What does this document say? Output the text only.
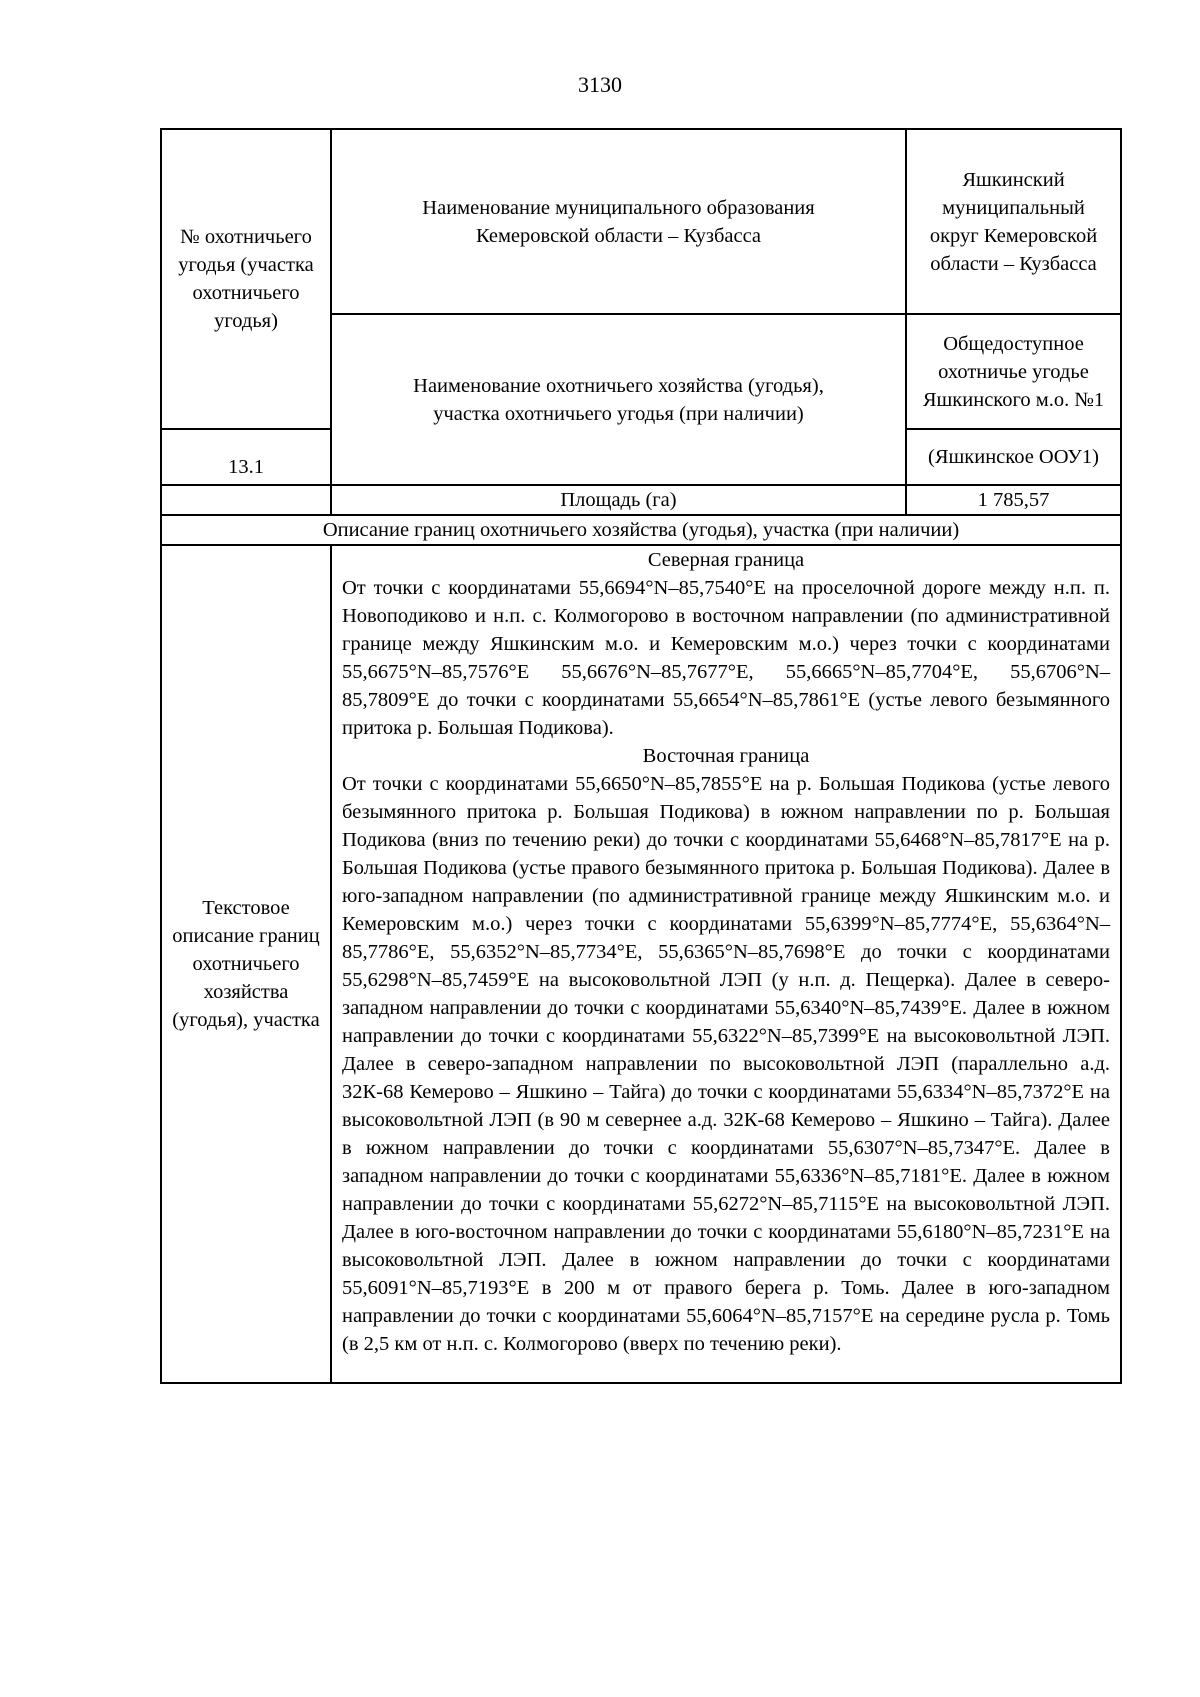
3130
№ охотничьего угодья (участка охотничьего угодья)	Наименование муниципального образования Кемеровской области – Кузбасса	Яшкинский муниципальный округ Кемеровской области – Кузбасса

	Наименование охотничьего хозяйства (угодья), участка охотничьего угодья (при наличии)	Общедоступное охотничье угодье Яшкинского м.о. №1

13.1		(Яшкинское ООУ1)

	Площадь (га)	1 785,57
Описание границ охотничьего хозяйства (угодья), участка (при наличии)		

Текстовое описание границ охотничьего хозяйства (угодья), участка	Северная граница
От точки с координатами 55,6694°N–85,7540°E на проселочной дороге между н.п. п. Новоподиково и н.п. с. Колмогорово в восточном направлении (по административной границе между Яшкинским м.о. и Кемеровским м.о.) через точки с координатами 55,6675°N–85,7576°E 55,6676°N–85,7677°E, 55,6665°N–85,7704°E, 55,6706°N–85,7809°E до точки с координатами 55,6654°N–85,7861°E (устье левого безымянного притока р. Большая Подикова).
Восточная граница
От точки с координатами 55,6650°N–85,7855°E на р. Большая Подикова (устье левого безымянного притока р. Большая Подикова) в южном направлении по р. Большая Подикова (вниз по течению реки) до точки с координатами 55,6468°N–85,7817°E на р. Большая Подикова (устье правого безымянного притока р. Большая Подикова). Далее в юго-западном направлении (по административной границе между Яшкинским м.о. и Кемеровским м.о.) через точки с координатами 55,6399°N–85,7774°E, 55,6364°N–85,7786°E, 55,6352°N–85,7734°E, 55,6365°N–85,7698°E до точки с координатами 55,6298°N–85,7459°E на высоковольтной ЛЭП (у н.п. д. Пещерка). Далее в северо-западном направлении до точки с координатами 55,6340°N–85,7439°E. Далее в южном направлении до точки с координатами 55,6322°N–85,7399°E на высоковольтной ЛЭП. Далее в северо-западном направлении по высоковольтной ЛЭП (параллельно а.д. 32К-68 Кемерово – Яшкино – Тайга) до точки с координатами 55,6334°N–85,7372°E на высоковольтной ЛЭП (в 90 м севернее а.д. 32К-68 Кемерово – Яшкино – Тайга). Далее в южном направлении до точки с координатами 55,6307°N–85,7347°E. Далее в западном направлении до точки с координатами 55,6336°N–85,7181°E. Далее в южном направлении до точки с координатами 55,6272°N–85,7115°E на высоковольтной ЛЭП. Далее в юго-восточном направлении до точки с координатами 55,6180°N–85,7231°E на высоковольтной ЛЭП. Далее в южном направлении до точки с координатами 55,6091°N–85,7193°E в 200 м от правого берега р. Томь. Далее в юго-западном направлении до точки с координатами 55,6064°N–85,7157°E на середине русла р. Томь (в 2,5 км от н.п. с. Колмогорово (вверх по течению реки).	
